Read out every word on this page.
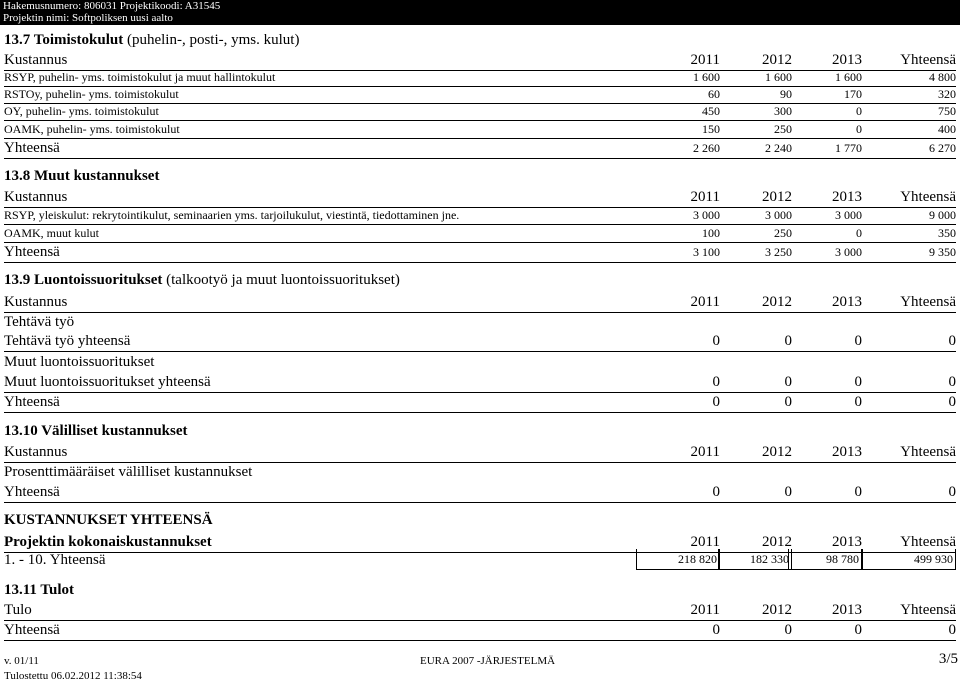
Hakemusnumero: 806031 Projektikoodi: A31545
Projektin nimi: Softpoliksen uusi aalto
13.7 Toimistokulut (puhelin-, posti-, yms. kulut)
Kustannus	2011	2012	2013	Yhteensä
RSYP, puhelin- yms. toimistokulut ja muut hallintokulut	1 600	1 600	1 600	4 800
RSTOy, puhelin- yms. toimistokulut	60	90	170	320
OY, puhelin- yms. toimistokulut	450	300	0	750
OAMK, puhelin- yms. toimistokulut	150	250	0	400
Yhteensä	2 260	2 240	1 770	6 270
13.8 Muut kustannukset
Kustannus	2011	2012	2013	Yhteensä
RSYP, yleiskulut: rekrytointikulut, seminaarien yms. tarjoilukulut, viestintä, tiedottaminen jne.	3 000	3 000	3 000	9 000
OAMK, muut kulut	100	250	0	350
Yhteensä	3 100	3 250	3 000	9 350
13.9 Luontoissuoritukset (talkootyö ja muut luontoissuoritukset)
Kustannus	2011	2012	2013	Yhteensä
Tehtävä työ
Tehtävä työ yhteensä	0	0	0	0
Muut luontoissuoritukset
Muut luontoissuoritukset yhteensä	0	0	0	0
Yhteensä	0	0	0	0
13.10 Välilliset kustannukset
Kustannus	2011	2012	2013	Yhteensä
Prosenttimääräiset välilliset kustannukset
Yhteensä	0	0	0	0
KUSTANNUKSET YHTEENSÄ
Projektin kokonaiskustannukset	2011	2012	2013	Yhteensä
1. - 10. Yhteensä	218 820	182 330	98 780	499 930
13.11 Tulot
Tulo	2011	2012	2013	Yhteensä
Yhteensä	0	0	0	0
v. 01/11	EURA 2007 -JÄRJESTELMÄ	3/5
Tulostettu 06.02.2012 11:38:54
